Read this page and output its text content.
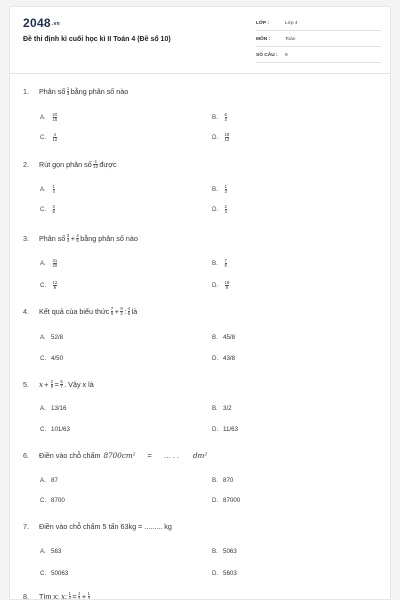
2048.vn
Đề thi định kì cuối học kì II Toán 4 (Đề số 10)
LỚP :	Lớp 4
MÔN :	Toán
SỐ CÂU :	9
1.	Phân số $\frac{1}{3}$ bằng phân số nào
A.	$\frac{20}{15}$	B.	$\frac{6}{3}$
C.	$\frac{4}{12}$	D.	$\frac{18}{12}$
2.	Rút gọn phân số $\frac{4}{12}$ được
A.	$\frac{1}{4}$	B.	$\frac{1}{3}$
C.	$\frac{3}{6}$	D.	$\frac{2}{3}$
3.	Phân số $\frac{3}{4} + \frac{4}{5}$ bằng phân số nào
A.	$\frac{31}{20}$	B.	$\frac{7}{9}$
C.	$\frac{12}{9}$	D.	$\frac{19}{9}$
4.	Kết quả của biểu thức $\frac{7}{8} + \frac{9}{2}$ : $\frac{4}{5}$ là
A. 52/8	B. 45/8
C. 4/50	D. 43/8
5.	$x + \frac{2}{9} = \frac{5}{7}$ . Vậy x là
A. 13/16	B. 3/2
C. 101/63	D. 11/63
6.	Điền vào chỗ chấm 8700cm² = … . . dm²
A. 87	B. 870
C. 8700	D. 87000
7.	Điền vào chỗ chấm 5 tấn 63kg = ......... kg
A. 563	B. 5063
C. 50063	D. 5603
8.	Tìm x: x : $\frac{1}{4} = \frac{1}{2} + \frac{1}{3}$
